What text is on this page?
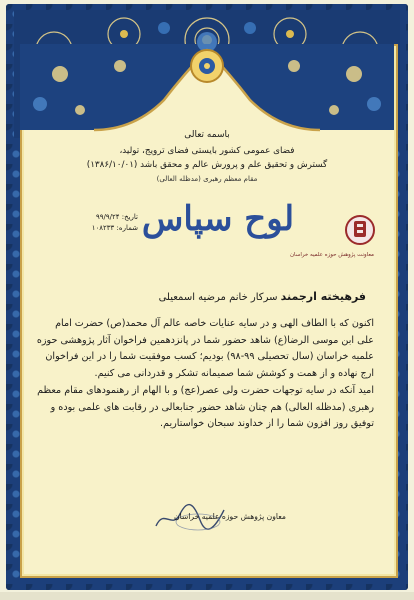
باسمه تعالی
فضای عمومی کشور بایستی فضای ترویج، تولید،
گسترش و تحقیق علم و پرورش عالم و محقق باشد (۱۳۸۶/۱۰/۰۱)
مقام معظم رهبری (مدظله العالی)
لوح سپاس
معاونت پژوهش حوزه علمیه خراسان
تاریخ: ۹۹/۹/۲۴
شماره: ۱۰۸۲۳۳
فرهیخته ارجمند سرکار خانم مرضیه اسمعیلی
اکنون که با الطاف الهی و در سایه عنایات خاصه عالم آل محمد(ص) حضرت امام علی ابن موسی الرضا(ع) شاهد حضور شما در پانزدهمین فراخوان آثار پژوهشی حوزه علمیه خراسان (سال تحصیلی ۹۹-۹۸) بودیم؛ کسب موفقیت شما را در این فراخوان ارج نهاده و از همت و کوشش شما صمیمانه تشکر و قدردانی می کنیم.
امید آنکه در سایه توجهات حضرت ولی عصر(عج) و با الهام از رهنمودهای مقام معظم رهبری (مدظله العالی) هم چنان شاهد حضور جنابعالی در رقابت های علمی بوده و توفیق روز افزون شما را از خداوند سبحان خواستاریم.
معاون پژوهش حوزه علمیه خراسان
